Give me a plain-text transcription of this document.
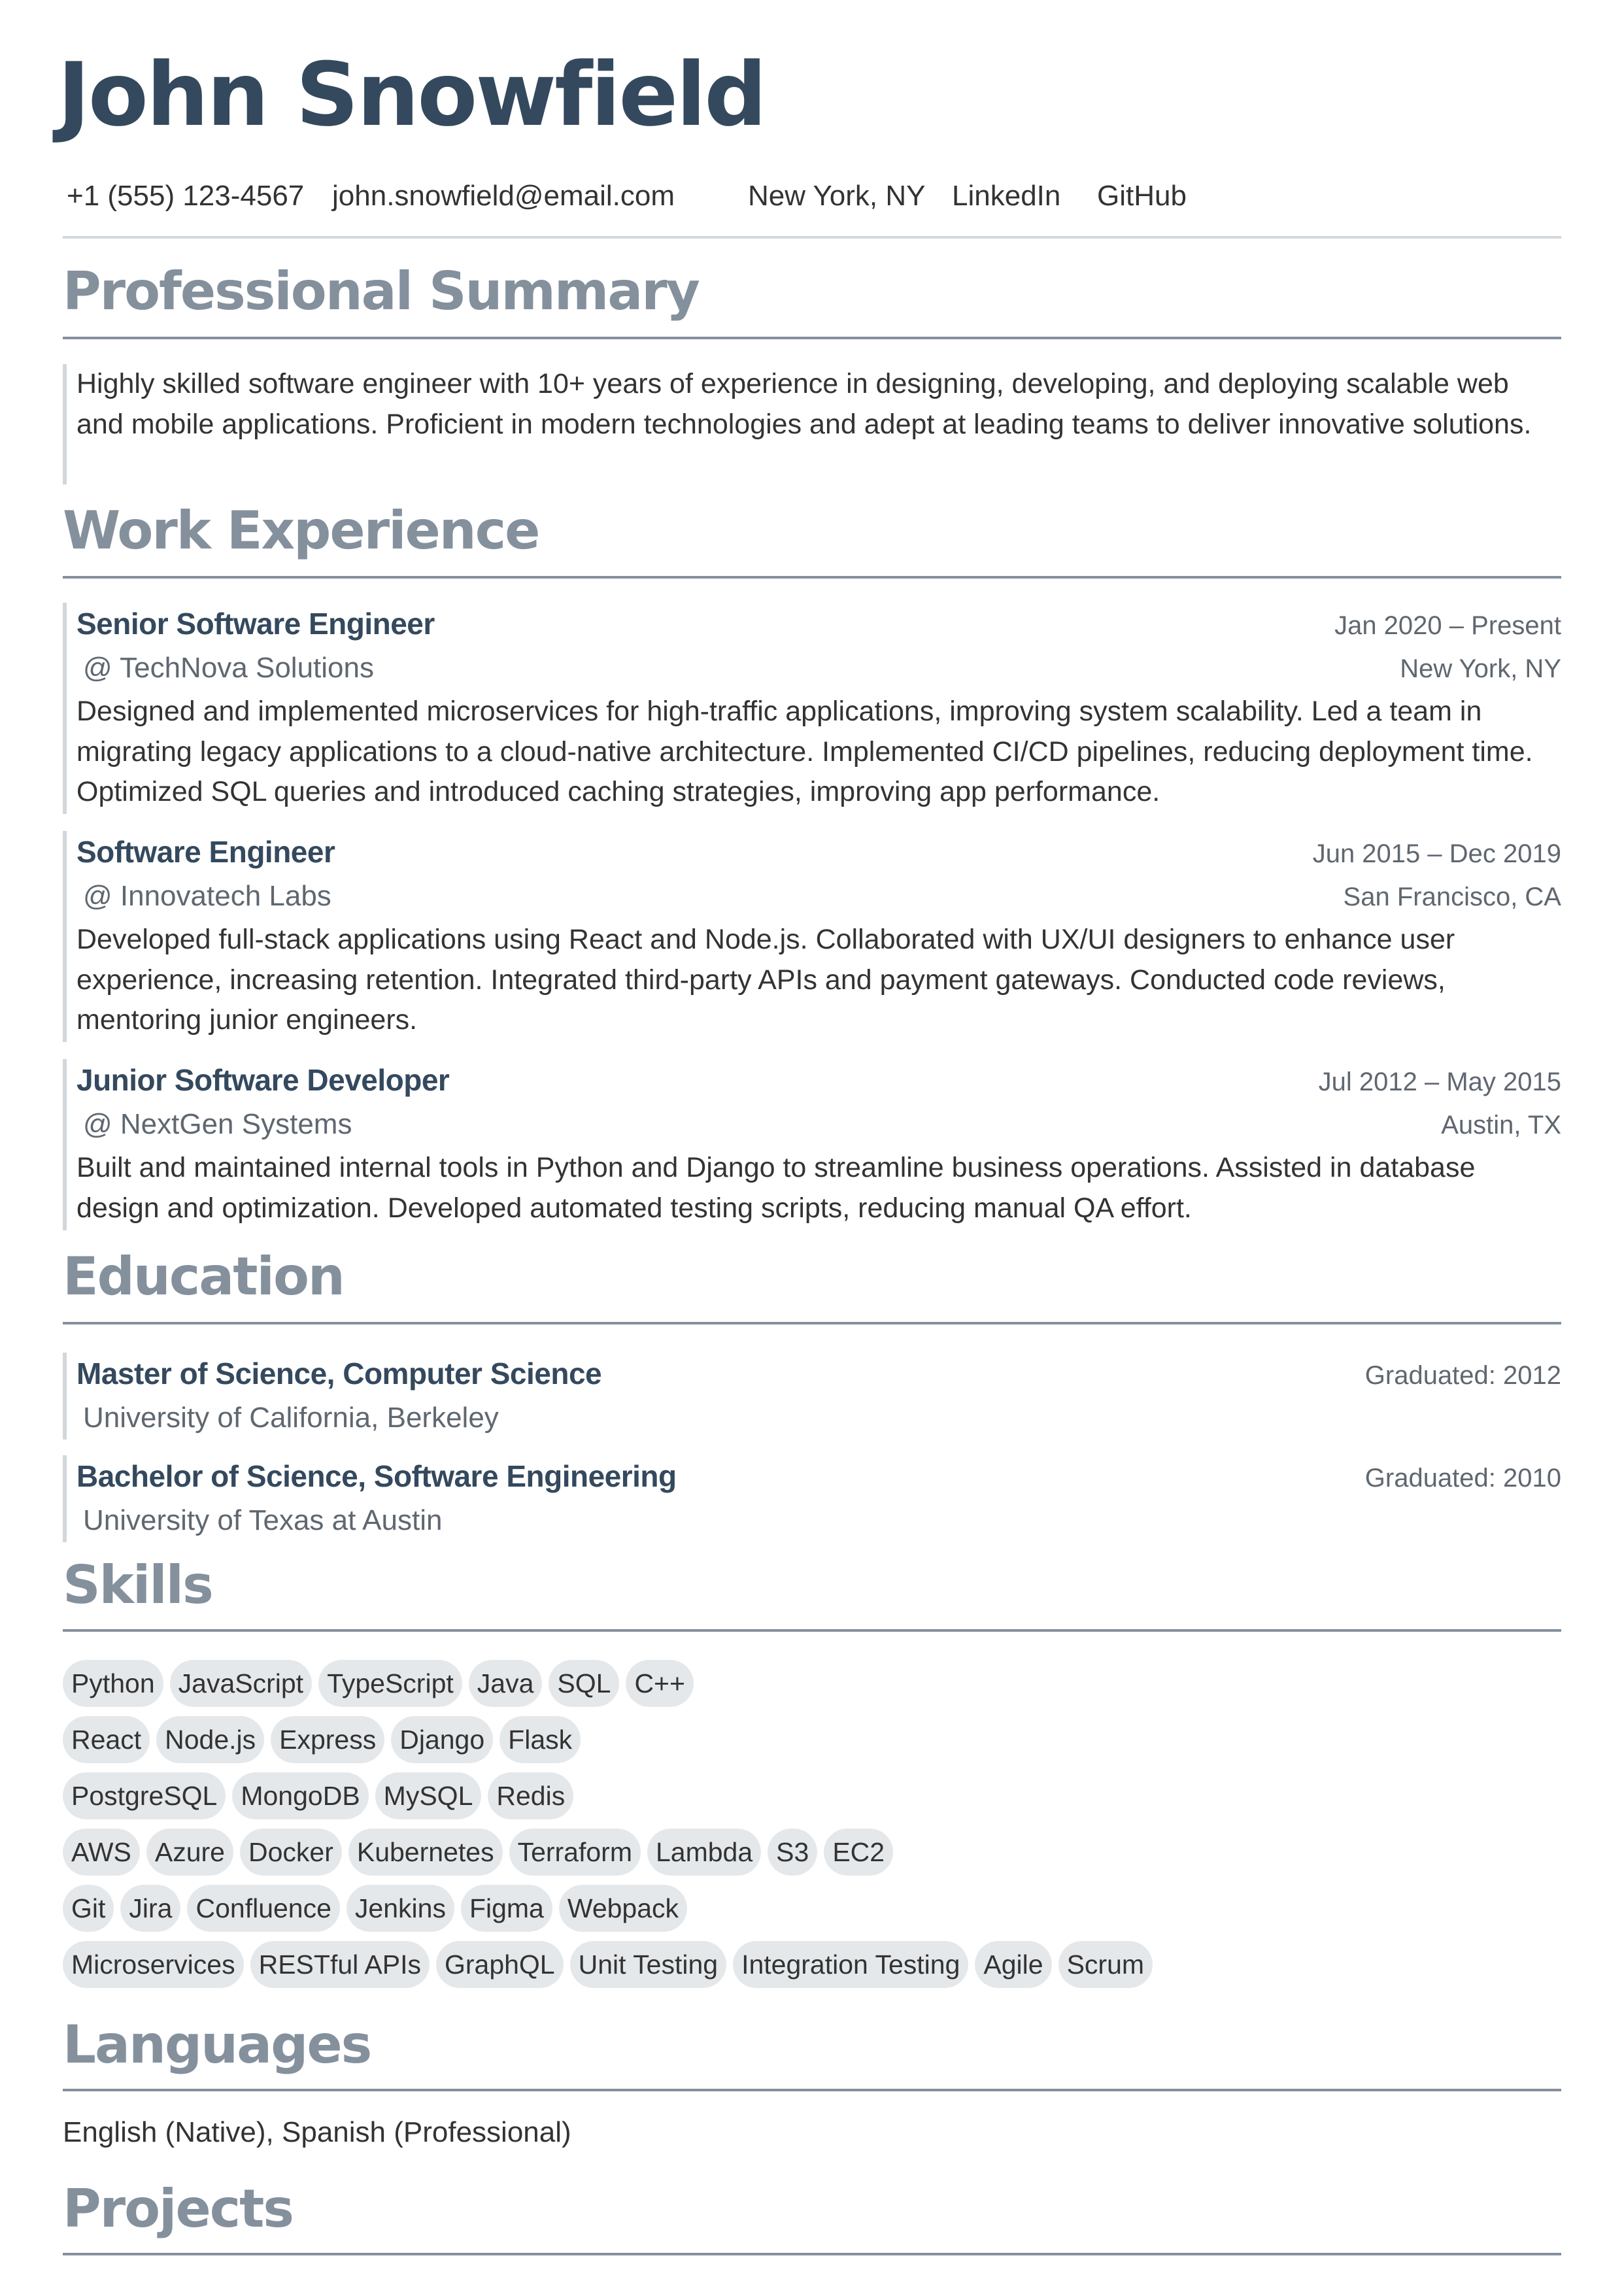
John Snowfield
+1 (555) 123-4567 john.snowfield@email.com	New York, NY LinkedIn	GitHub
Professional Summary

Highly skilled software engineer with 10+ years of experience in designing, developing, and deploying scalable web and mobile applications. Proficient in modern technologies and adept at leading teams to deliver innovative solutions.

Work Experience
Senior Software Engineer	Jan 2020 – Present
@ TechNova Solutions	New York, NY

Designed and implemented microservices for high-traffic applications, improving system scalability. Led a team in migrating legacy applications to a cloud-native architecture. Implemented CI/CD pipelines, reducing deployment time. Optimized SQL queries and introduced caching strategies, improving app performance.

Software Engineer	Jun 2015 – Dec 2019
@ Innovatech Labs	San Francisco, CA

Developed full-stack applications using React and Node.js. Collaborated with UX/UI designers to enhance user experience, increasing retention. Integrated third-party APIs and payment gateways. Conducted code reviews, mentoring junior engineers.

Junior Software Developer	Jul 2012 – May 2015
@ NextGen Systems	Austin, TX

Built and maintained internal tools in Python and Django to streamline business operations. Assisted in database design and optimization. Developed automated testing scripts, reducing manual QA effort.

Education
Master of Science, Computer Science	Graduated: 2012
University of California, Berkeley
Bachelor of Science, Software Engineering	Graduated: 2010
University of Texas at Austin
Skills
Python JavaScript TypeScript Java SQL C++
React Node.js Express Django Flask
PostgreSQL MongoDB MySQL Redis
AWS Azure Docker Kubernetes Terraform Lambda S3 EC2
Git Jira Confluence Jenkins Figma Webpack
Microservices RESTful APIs GraphQL Unit Testing Integration Testing Agile Scrum
Languages
English (Native), Spanish (Professional)
Projects
